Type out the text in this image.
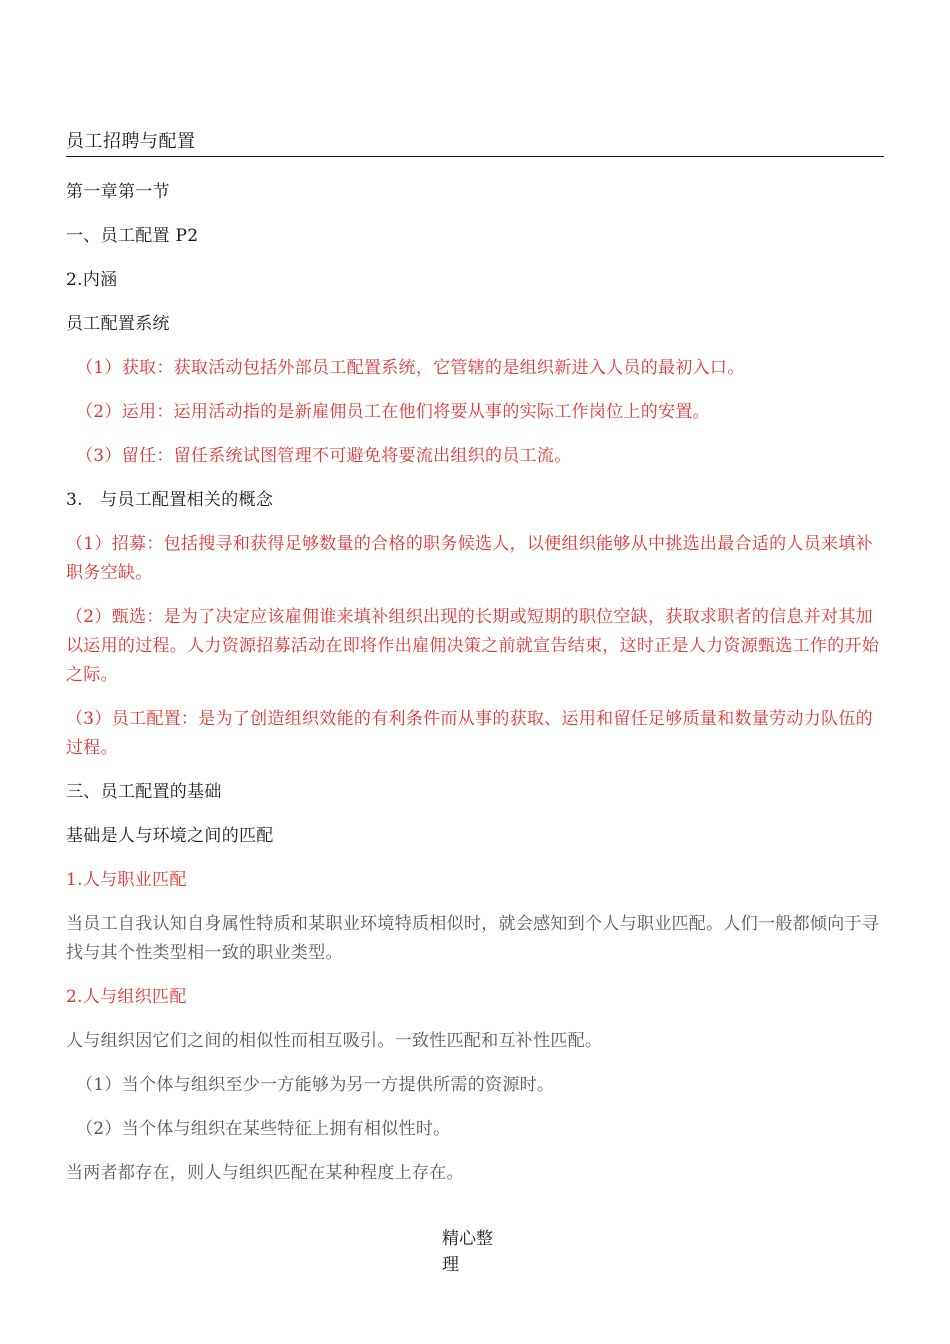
员工招聘与配置

第一章第一节

一、员工配置 P2

2.内涵

员工配置系统

（1）获取：获取活动包括外部员工配置系统，它管辖的是组织新进入人员的最初入口。

（2）运用：运用活动指的是新雇佣员工在他们将要从事的实际工作岗位上的安置。

（3）留任：留任系统试图管理不可避免将要流出组织的员工流。

3.　与员工配置相关的概念

（1）招募：包括搜寻和获得足够数量的合格的职务候选人，以便组织能够从中挑选出最合适的人员来填补职务空缺。

（2）甄选：是为了决定应该雇佣谁来填补组织出现的长期或短期的职位空缺，获取求职者的信息并对其加以运用的过程。人力资源招募活动在即将作出雇佣决策之前就宣告结束，这时正是人力资源甄选工作的开始之际。

（3）员工配置：是为了创造组织效能的有利条件而从事的获取、运用和留任足够质量和数量劳动力队伍的过程。

三、员工配置的基础

基础是人与环境之间的匹配

1.人与职业匹配

当员工自我认知自身属性特质和某职业环境特质相似时，就会感知到个人与职业匹配。人们一般都倾向于寻找与其个性类型相一致的职业类型。

2.人与组织匹配

人与组织因它们之间的相似性而相互吸引。一致性匹配和互补性匹配。

（1）当个体与组织至少一方能够为另一方提供所需的资源时。

（2）当个体与组织在某些特征上拥有相似性时。

当两者都存在，则人与组织匹配在某种程度上存在。

精心整
理
